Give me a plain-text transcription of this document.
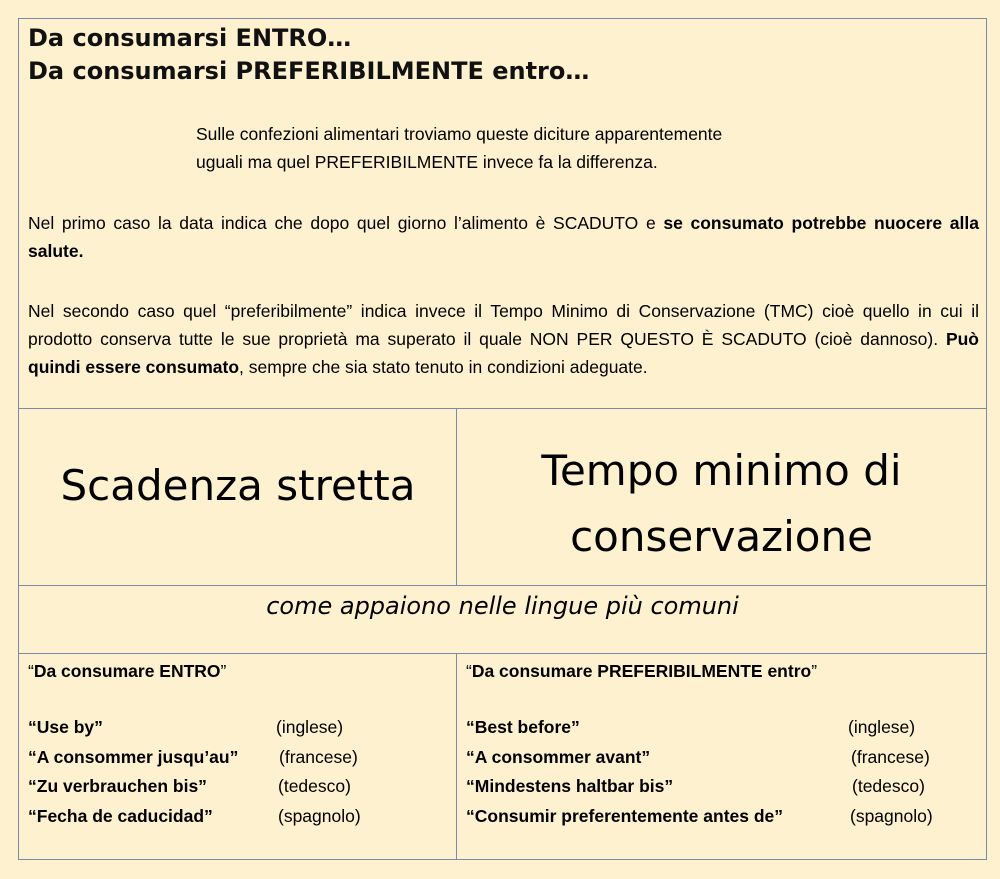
Da consumarsi ENTRO…
Da consumarsi PREFERIBILMENTE entro…
Sulle confezioni alimentari troviamo queste diciture apparentemente
uguali ma quel PREFERIBILMENTE invece fa la differenza.
Nel primo caso la data indica che dopo quel giorno l’alimento è SCADUTO e se consumato potrebbe nuocere alla salute.
Nel secondo caso quel “preferibilmente” indica invece il Tempo Minimo di Conservazione (TMC) cioè quello in cui il prodotto conserva tutte le sue proprietà ma superato il quale NON PER QUESTO È SCADUTO (cioè dannoso). Può quindi essere consumato, sempre che sia stato tenuto in condizioni adeguate.
Scadenza stretta	Tempo minimo di
conservazione
come appaiono nelle lingue più comuni
“Da consumare ENTRO”
“Use by”	(inglese)
“A consommer jusqu’au” (francese)
“Zu verbrauchen bis”	(tedesco)
“Fecha de caducidad”	(spagnolo)
“Da consumare PREFERIBILMENTE entro”
“Best before”	(inglese)
“A consommer avant”	(francese)
“Mindestens haltbar bis”	(tedesco)
“Consumir preferentemente antes de”	(spagnolo)
